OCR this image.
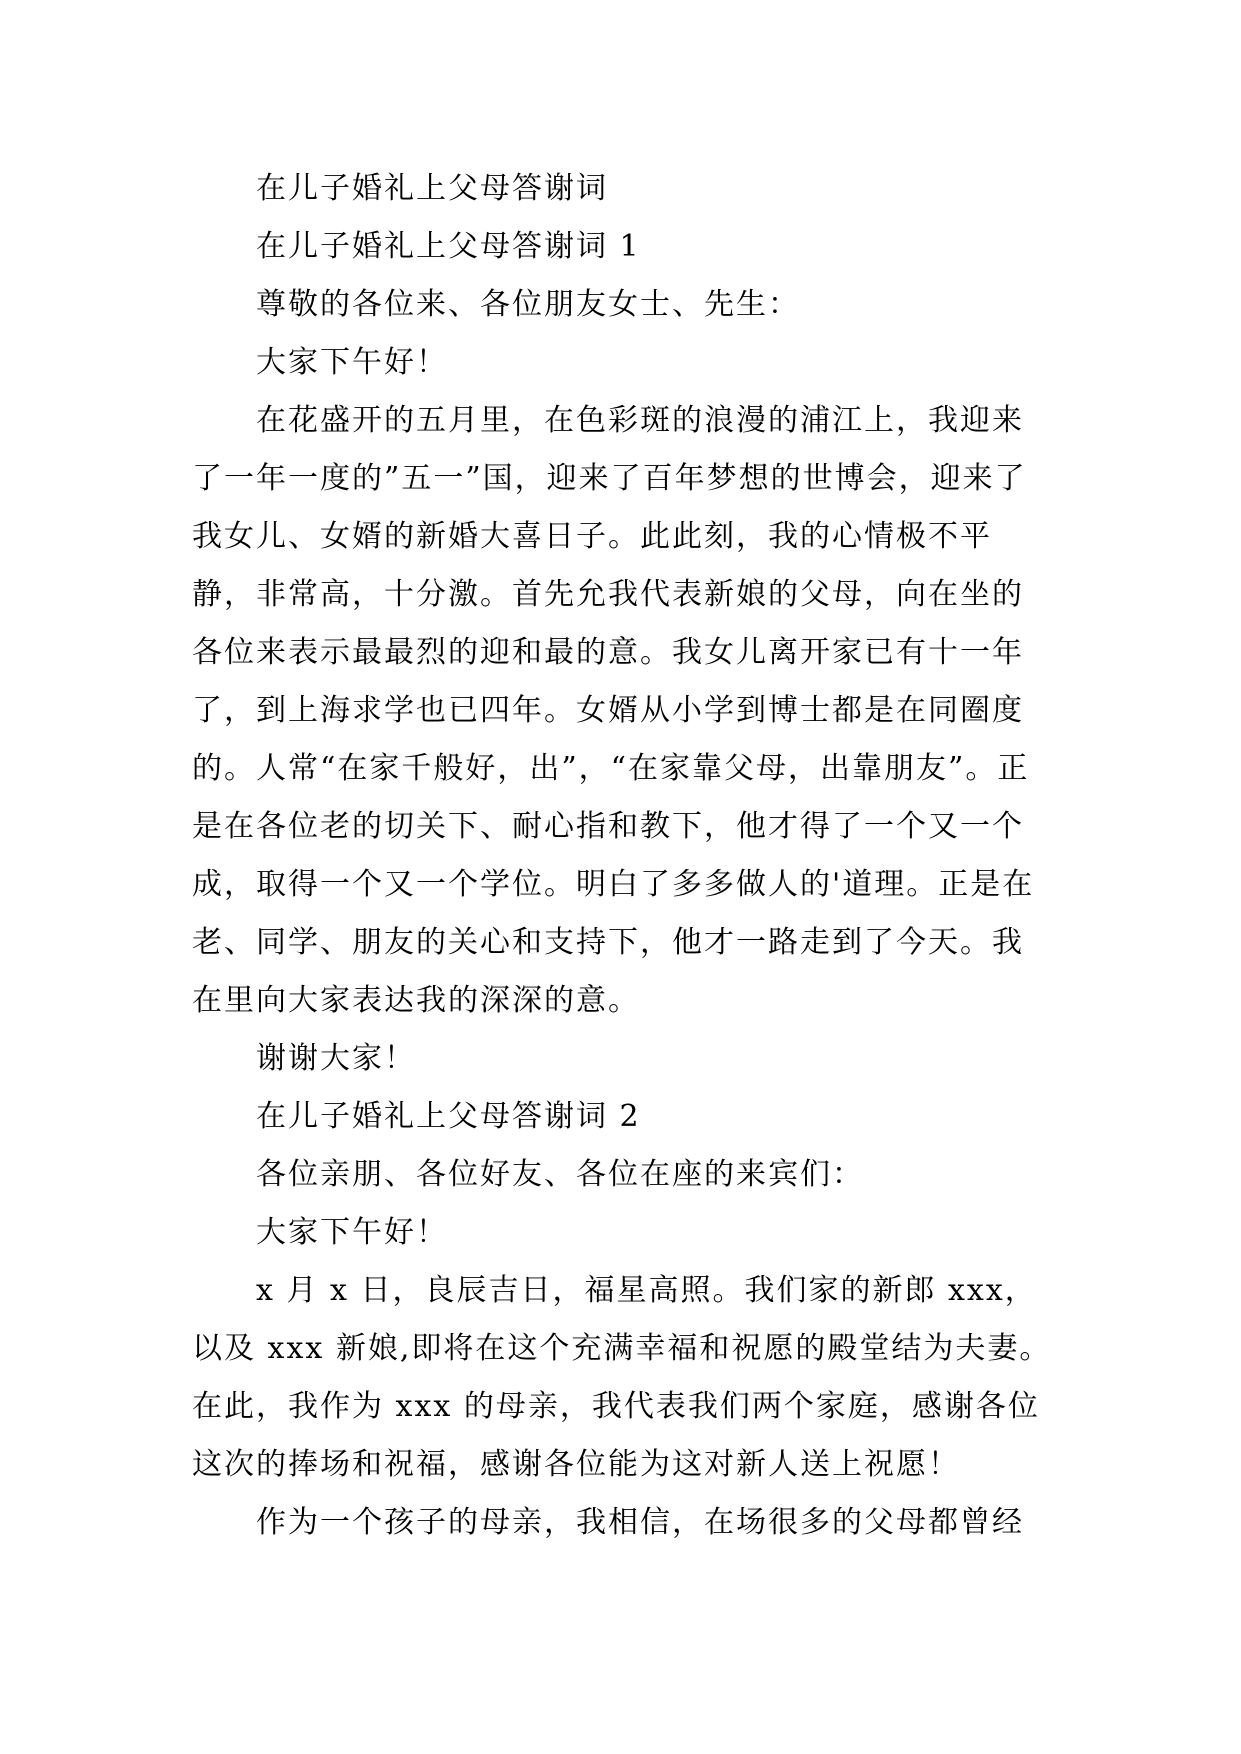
在儿子婚礼上父母答谢词

在儿子婚礼上父母答谢词 1

尊敬的各位来、各位朋友女士、先生：

大家下午好！

在花盛开的五月里，在色彩斑的浪漫的浦江上，我迎来了一年一度的”五一”国，迎来了百年梦想的世博会，迎来了我女儿、女婿的新婚大喜日子。此此刻，我的心情极不平静，非常高，十分激。首先允我代表新娘的父母，向在坐的各位来表示最最烈的迎和最的意。我女儿离开家已有十一年了，到上海求学也已四年。女婿从小学到博士都是在同圈度的。人常“在家千般好，出”，“在家靠父母，出靠朋友”。正是在各位老的切关下、耐心指和教下，他才得了一个又一个成，取得一个又一个学位。明白了多多做人的'道理。正是在老、同学、朋友的关心和支持下，他才一路走到了今天。我在里向大家表达我的深深的意。

谢谢大家！

在儿子婚礼上父母答谢词 2

各位亲朋、各位好友、各位在座的来宾们：

大家下午好！

x 月 x 日，良辰吉日，福星高照。我们家的新郎 xxx，以及 xxx 新娘,即将在这个充满幸福和祝愿的殿堂结为夫妻。在此，我作为 xxx 的母亲，我代表我们两个家庭，感谢各位这次的捧场和祝福，感谢各位能为这对新人送上祝愿！

作为一个孩子的母亲，我相信，在场很多的父母都曾经
